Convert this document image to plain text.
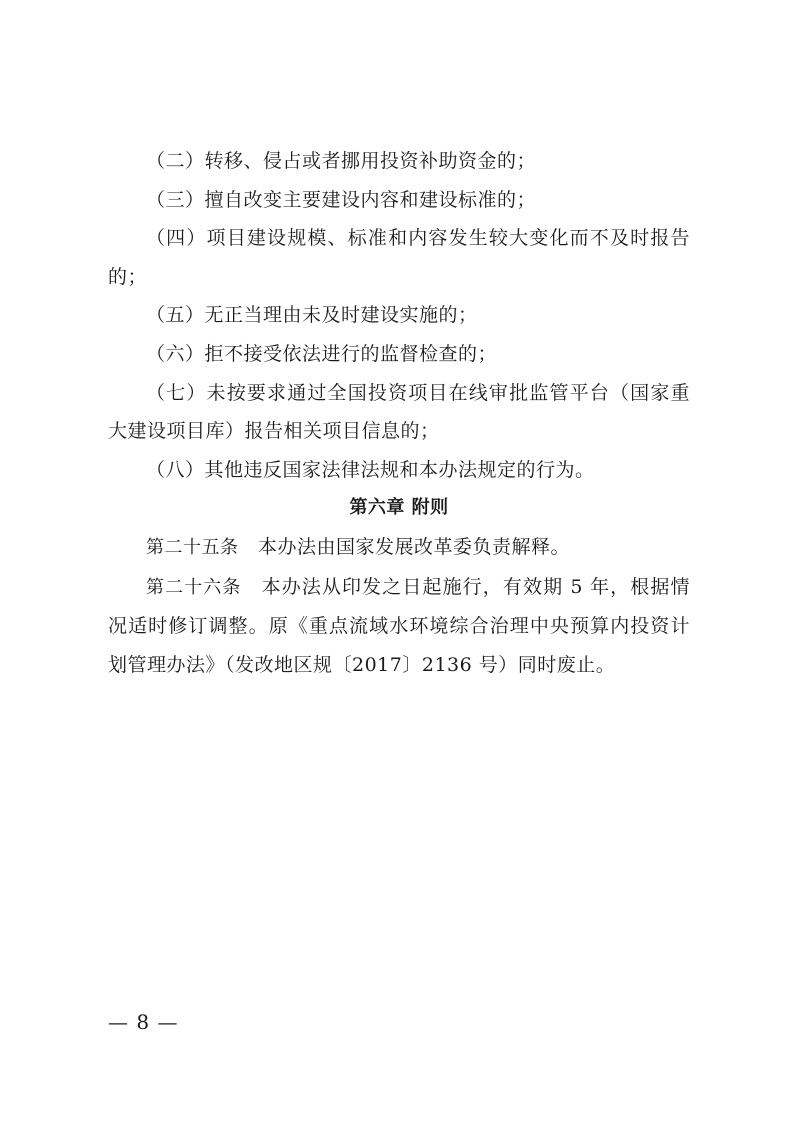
（二）转移、侵占或者挪用投资补助资金的；

（三）擅自改变主要建设内容和建设标准的；

（四）项目建设规模、标准和内容发生较大变化而不及时报告的；

（五）无正当理由未及时建设实施的；

（六）拒不接受依法进行的监督检查的；

（七）未按要求通过全国投资项目在线审批监管平台（国家重大建设项目库）报告相关项目信息的；

（八）其他违反国家法律法规和本办法规定的行为。

第六章 附则

第二十五条　 本办法由国家发展改革委负责解释。

第二十六条　 本办法从印发之日起施行，有效期 5 年，根据情况适时修订调整。原《重点流域水环境综合治理中央预算内投资计划管理办法》（发改地区规〔2017〕2136 号）同时废止。

— 8 —
